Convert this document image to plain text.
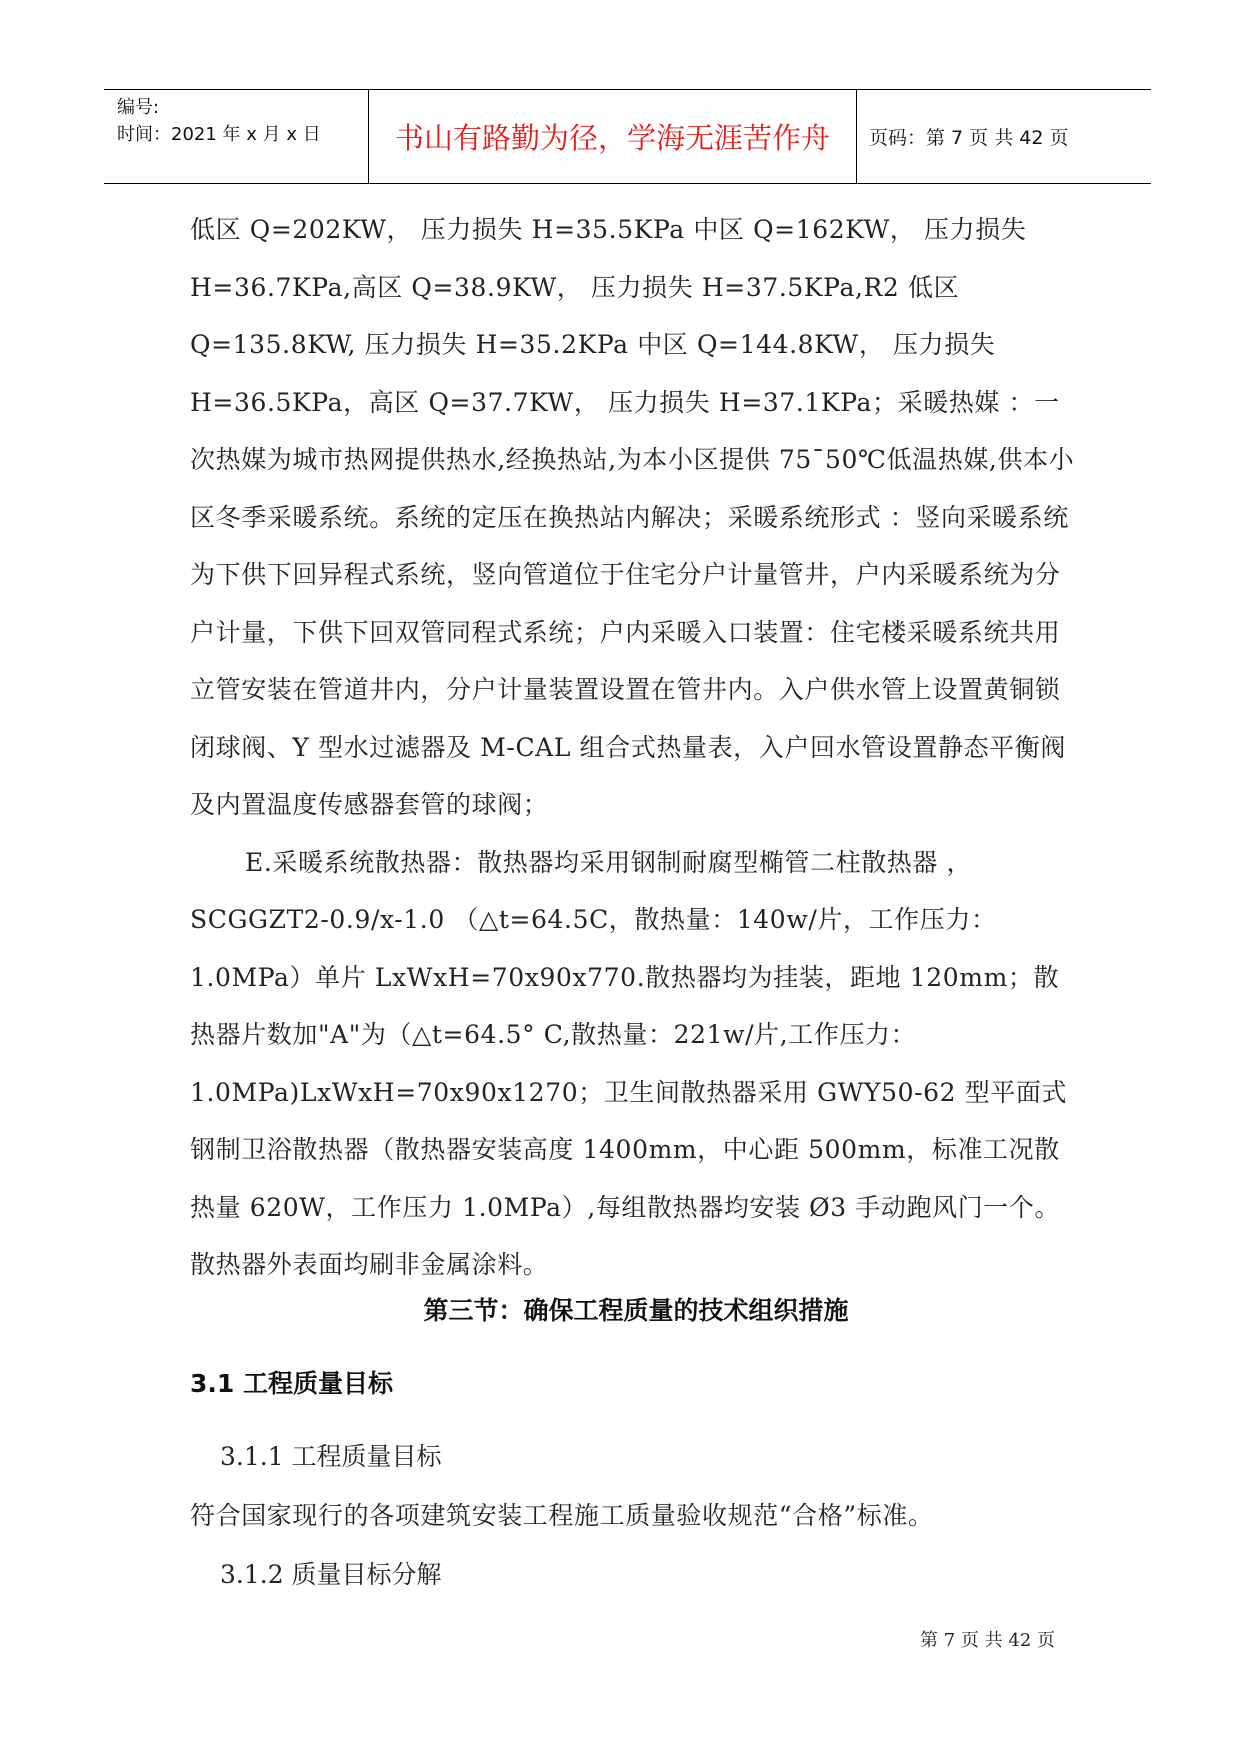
编号:
时间：2021 年 x 月 x 日	书山有路勤为径，学海无涯苦作舟	页码：第 7 页 共 42 页

低区 Q=202KW， 压力损失 H=35.5KPa 中区 Q=162KW， 压力损失 H=36.7KPa,高区 Q=38.9KW， 压力损失 H=37.5KPa,R2 低区 Q=135.8KW, 压力损失 H=35.2KPa 中区 Q=144.8KW， 压力损失 H=36.5KPa，高区 Q=37.7KW， 压力损失 H=37.1KPa；采暖热媒 ：一次热媒为城市热网提供热水,经换热站,为本小区提供 75¯50℃低温热媒,供本小区冬季采暖系统。系统的定压在换热站内解决；采暖系统形式 ：竖向采暖系统为下供下回异程式系统，竖向管道位于住宅分户计量管井，户内采暖系统为分户计量，下供下回双管同程式系统；户内采暖入口装置：住宅楼采暖系统共用立管安装在管道井内，分户计量装置设置在管井内。入户供水管上设置黄铜锁闭球阀、Y 型水过滤器及 M-CAL 组合式热量表，入户回水管设置静态平衡阀及内置温度传感器套管的球阀；

E.采暖系统散热器：散热器均采用钢制耐腐型椭管二柱散热器 ，SCGGZT2-0.9/x-1.0 （△t=64.5C，散热量：140w/片，工作压力：1.0MPa）单片 LxWxH=70x90x770.散热器均为挂装，距地 120mm；散热器片数加"A"为（△t=64.5° C,散热量：221w/片,工作压力：1.0MPa)LxWxH=70x90x1270；卫生间散热器采用 GWY50-62 型平面式钢制卫浴散热器（散热器安装高度 1400mm，中心距 500mm，标准工况散热量 620W，工作压力 1.0MPa）,每组散热器均安装 Ø3 手动跑风门一个。散热器外表面均刷非金属涂料。

第三节：确保工程质量的技术组织措施
3.1 工程质量目标
3.1.1 工程质量目标
符合国家现行的各项建筑安装工程施工质量验收规范“合格”标准。
3.1.2 质量目标分解
第 7 页 共 42 页
